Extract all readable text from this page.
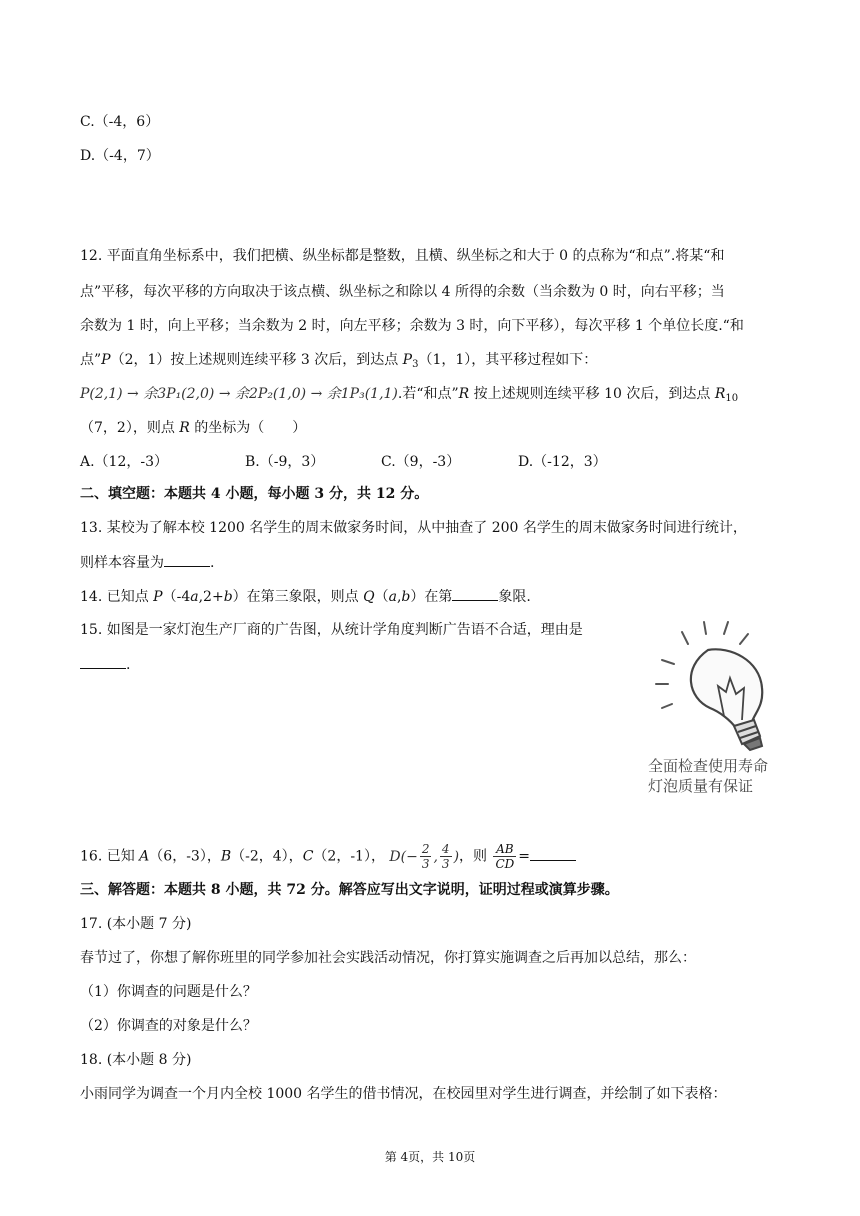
C.（-4，6）
D.（-4，7）
12. 平面直角坐标系中，我们把横、纵坐标都是整数，且横、纵坐标之和大于 0 的点称为“和点”.将某“和
点”平移，每次平移的方向取决于该点横、纵坐标之和除以 4 所得的余数（当余数为 0 时，向右平移；当
余数为 1 时，向上平移；当余数为 2 时，向左平移；余数为 3 时，向下平移），每次平移 1 个单位长度.“和
点”P（2，1）按上述规则连续平移 3 次后，到达点 $P_3(1$，1），其平移过程如下：
P(2,1) → 余3P₁(2,0) → 余2P₂(1,0) → 余1P₃(1,1).若“和点”R 按上述规则连续平移 10 次后，到达点 $R_{10}$
（7，2），则点 R 的坐标为（　　）
A.（12，-3）	B.（-9，3）	C.（9，-3）	D.（-12，3）
二、填空题：本题共 4 小题，每小题 3 分，共 12 分。
13. 某校为了解本校 1200 名学生的周末做家务时间，从中抽查了 200 名学生的周末做家务时间进行统计，
则样本容量为	.
14. 已知点 P（-4a,2+b）在第三象限，则点 Q（a,b）在第	象限.
15. 如图是一家灯泡生产厂商的广告图，从统计学角度判断广告语不合适，理由是
.
全面检查使用寿命
灯泡质量有保证
16. 已知 A（6，-3），B（-2，4），C（2，-1）， $D(- \frac{2}{3}$ , $\frac{4}{3}$ )，则 $\frac{AB}{CD}$ =
三、解答题：本题共 8 小题，共 72 分。解答应写出文字说明，证明过程或演算步骤。
17. (本小题 7 分)
春节过了，你想了解你班里的同学参加社会实践活动情况，你打算实施调查之后再加以总结，那么：
（1）你调查的问题是什么？
（2）你调查的对象是什么？
18. (本小题 8 分)
小雨同学为调查一个月内全校 1000 名学生的借书情况，在校园里对学生进行调查，并绘制了如下表格：
第 4页，共 10页
